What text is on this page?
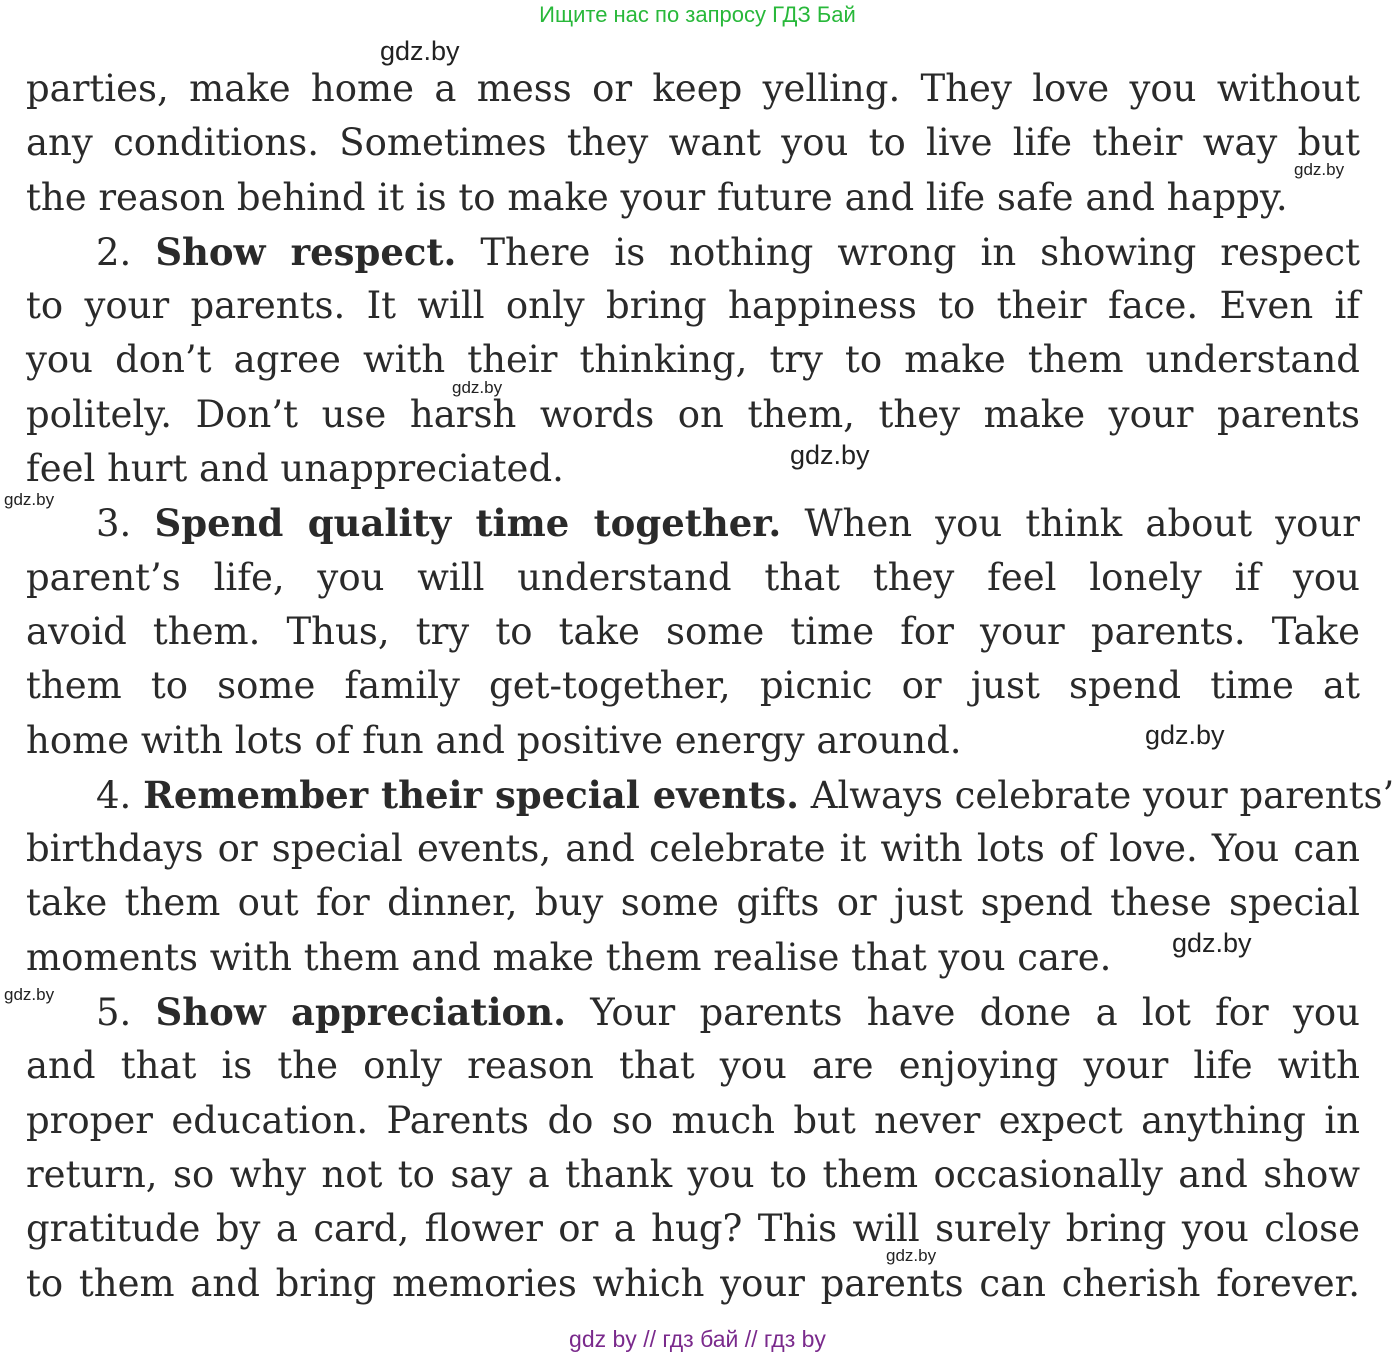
Ищите нас по запросу ГДЗ Бай
parties, make home a mess or keep yelling. They love you without
any conditions. Sometimes they want you to live life their way but
the reason behind it is to make your future and life safe and happy.
2. Show respect. There is nothing wrong in showing respect
to your parents. It will only bring happiness to their face. Even if
you don’t agree with their thinking, try to make them understand
politely. Don’t use harsh words on them, they make your parents
feel hurt and unappreciated.
3. Spend quality time together. When you think about your
parent’s life, you will understand that they feel lonely if you
avoid them. Thus, try to take some time for your parents. Take
them to some family get-together, picnic or just spend time at
home with lots of fun and positive energy around.
4. Remember their special events. Always celebrate your parents’
birthdays or special events, and celebrate it with lots of love. You can
take them out for dinner, buy some gifts or just spend these special
moments with them and make them realise that you care.
5. Show appreciation. Your parents have done a lot for you
and that is the only reason that you are enjoying your life with
proper education. Parents do so much but never expect anything in
return, so why not to say a thank you to them occasionally and show
gratitude by a card, flower or a hug? This will surely bring you close
to them and bring memories which your parents can cherish forever.
gdz.by
gdz.by
gdz.by
gdz.by
gdz.by
gdz.by
gdz.by
gdz.by
gdz.by
gdz by // гдз бай // гдз by
